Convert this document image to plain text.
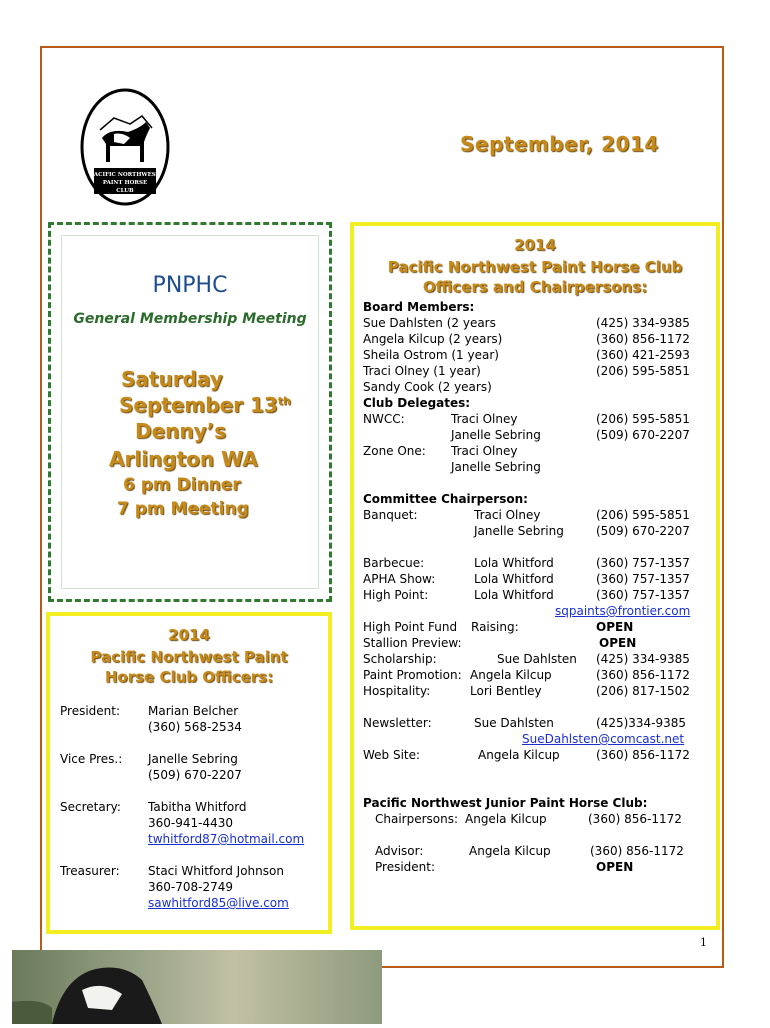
PACIFIC NORTHWEST
PAINT HORSE
CLUB
September, 2014
PNPHC
General Membership Meeting
Saturday
September 13th
Denny’s
Arlington WA
6 pm Dinner
7 pm Meeting
2014
Pacific Northwest Paint
Horse Club Officers:
President: Marian Belcher
(360) 568-2534
Vice Pres.: Janelle Sebring
(509) 670-2207
Secretary: Tabitha Whitford
360-941-4430
twhitford87@hotmail.com
Treasurer: Staci Whitford Johnson
360-708-2749
sawhitford85@live.com
2014
Pacific Northwest Paint Horse Club
Officers and Chairpersons:
Board Members:
Sue Dahlsten (2 years	(425) 334-9385
Angela Kilcup (2 years)	(360) 856-1172
Sheila Ostrom (1 year)	(360) 421-2593
Traci Olney (1 year)	(206) 595-5851
Sandy Cook (2 years)
Club Delegates:
NWCC:	Traci Olney	(206) 595-5851
Janelle Sebring	(509) 670-2207
Zone One: Traci Olney
Janelle Sebring
Committee Chairperson:
Banquet:	Traci Olney	(206) 595-5851
Janelle Sebring	(509) 670-2207
Barbecue:	Lola Whitford	(360) 757-1357
APHA Show:	Lola Whitford	(360) 757-1357
High Point:	Lola Whitford	(360) 757-1357
sqpaints@frontier.com
High Point Fund Raising:	OPEN
Stallion Preview:	OPEN
Scholarship:	Sue Dahlsten (425) 334-9385
Paint Promotion: Angela Kilcup	(360) 856-1172
Hospitality:	Lori Bentley	(206) 817-1502
Newsletter:	Sue Dahlsten	(425)334-9385
SueDahlsten@comcast.net
Web Site:	Angela Kilcup	(360) 856-1172
Pacific Northwest Junior Paint Horse Club:
Chairpersons: Angela Kilcup	(360) 856-1172
Advisor:	Angela Kilcup	(360) 856-1172
President:	OPEN
1
